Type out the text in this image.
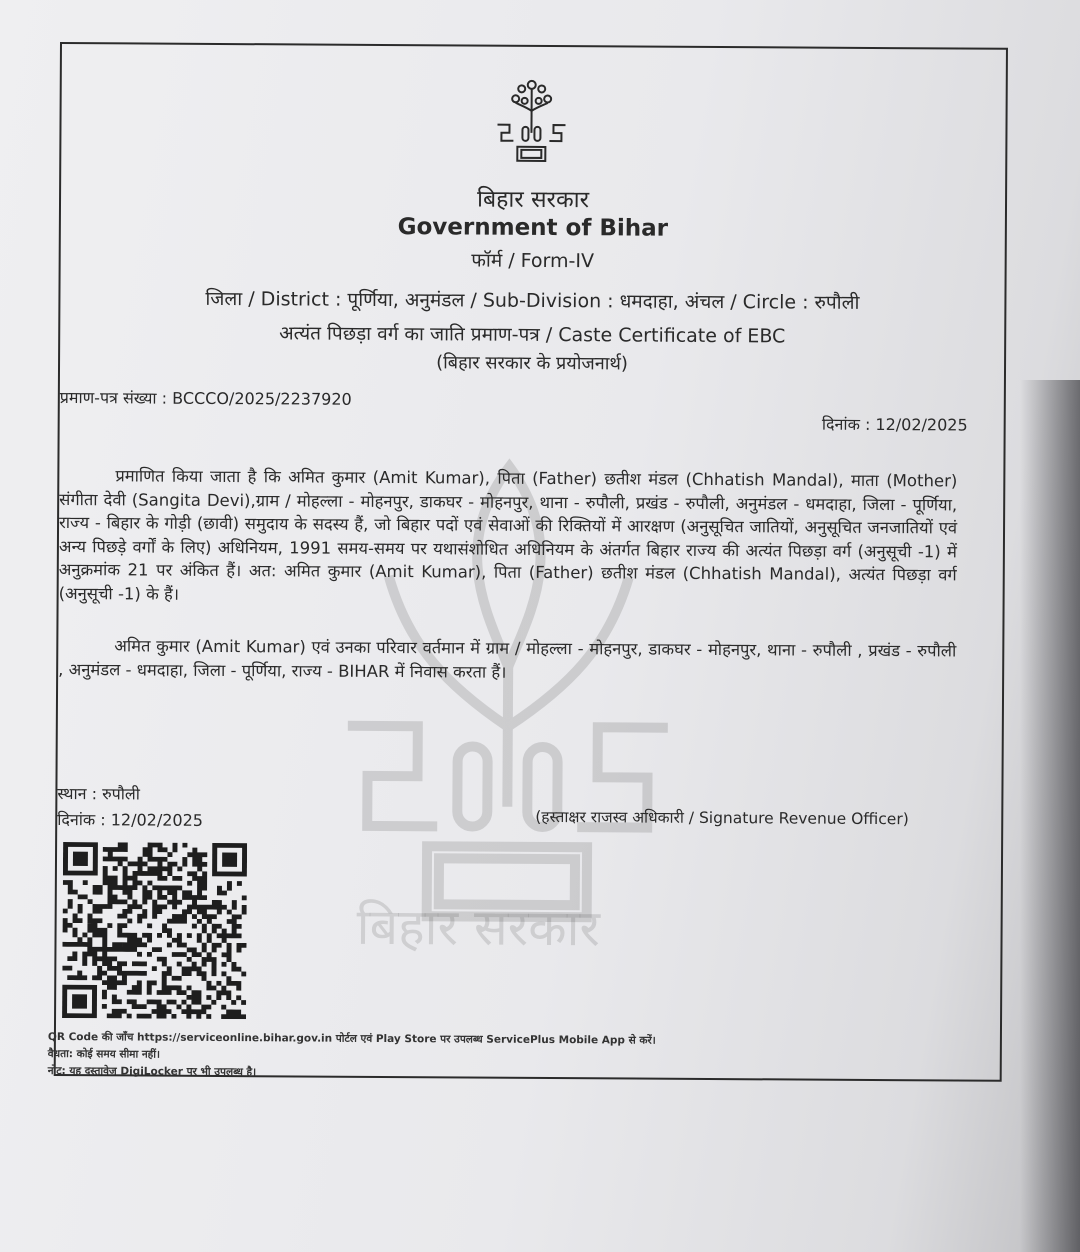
बिहार सरकार
बिहार सरकार
Government of Bihar
फॉर्म / Form-IV
जिला / District : पूर्णिया, अनुमंडल / Sub-Division : धमदाहा, अंचल / Circle : रुपौली
अत्यंत पिछड़ा वर्ग का जाति प्रमाण-पत्र / Caste Certificate of EBC
(बिहार सरकार के प्रयोजनार्थ)
प्रमाण-पत्र संख्या : BCCCO/2025/2237920
दिनांक : 12/02/2025

प्रमाणित किया जाता है कि अमित कुमार (Amit Kumar), पिता (Father) छतीश मंडल (Chhatish Mandal), माता (Mother) संगीता देवी (Sangita Devi),ग्राम / मोहल्ला - मोहनपुर, डाकघर - मोहनपुर, थाना - रुपौली, प्रखंड - रुपौली, अनुमंडल - धमदाहा, जिला - पूर्णिया, राज्य - बिहार के गोड़ी (छावी) समुदाय के सदस्य हैं, जो बिहार पदों एवं सेवाओं की रिक्तियों में आरक्षण (अनुसूचित जातियों, अनुसूचित जनजातियों एवं अन्य पिछड़े वर्गों के लिए) अधिनियम, 1991 समय-समय पर यथासंशोधित अधिनियम के अंतर्गत बिहार राज्य की अत्यंत पिछड़ा वर्ग (अनुसूची -1) में अनुक्रमांक 21 पर अंकित हैं। अत: अमित कुमार (Amit Kumar), पिता (Father) छतीश मंडल (Chhatish Mandal), अत्यंत पिछड़ा वर्ग (अनुसूची -1) के हैं।

अमित कुमार (Amit Kumar) एवं उनका परिवार वर्तमान में ग्राम / मोहल्ला - मोहनपुर, डाकघर - मोहनपुर, थाना - रुपौली , प्रखंड - रुपौली , अनुमंडल - धमदाहा, जिला - पूर्णिया, राज्य - BIHAR में निवास करता हैं।

स्थान : रुपौली
दिनांक : 12/02/2025	(हस्ताक्षर राजस्व अधिकारी / Signature Revenue Officer)
QR Code की जाँच https://serviceonline.bihar.gov.in पोर्टल एवं Play Store पर उपलब्ध ServicePlus Mobile App से करें।
वैधता: कोई समय सीमा नहीं।
नोट: यह दस्तावेज DigiLocker पर भी उपलब्ध है।
